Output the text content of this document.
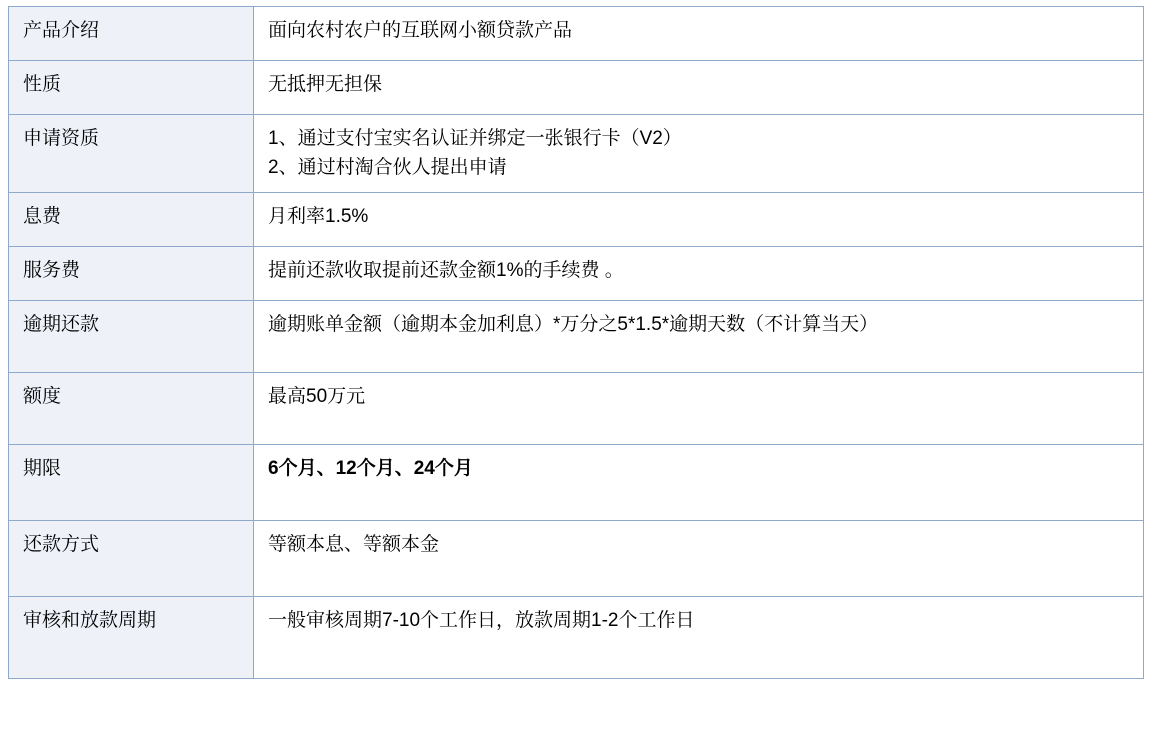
产品介绍	面向农村农户的互联网小额贷款产品

性质	无抵押无担保

申请资质	1、通过支付宝实名认证并绑定一张银行卡（V2）
2、通过村淘合伙人提出申请

息费	月利率1.5%

服务费	提前还款收取提前还款金额1%的手续费 。

逾期还款	逾期账单金额（逾期本金加利息）*万分之5*1.5*逾期天数（不计算当天）

额度	最高50万元

期限	6个月、12个月、24个月

还款方式	等额本息、等额本金

审核和放款周期	一般审核周期7-10个工作日，放款周期1-2个工作日
